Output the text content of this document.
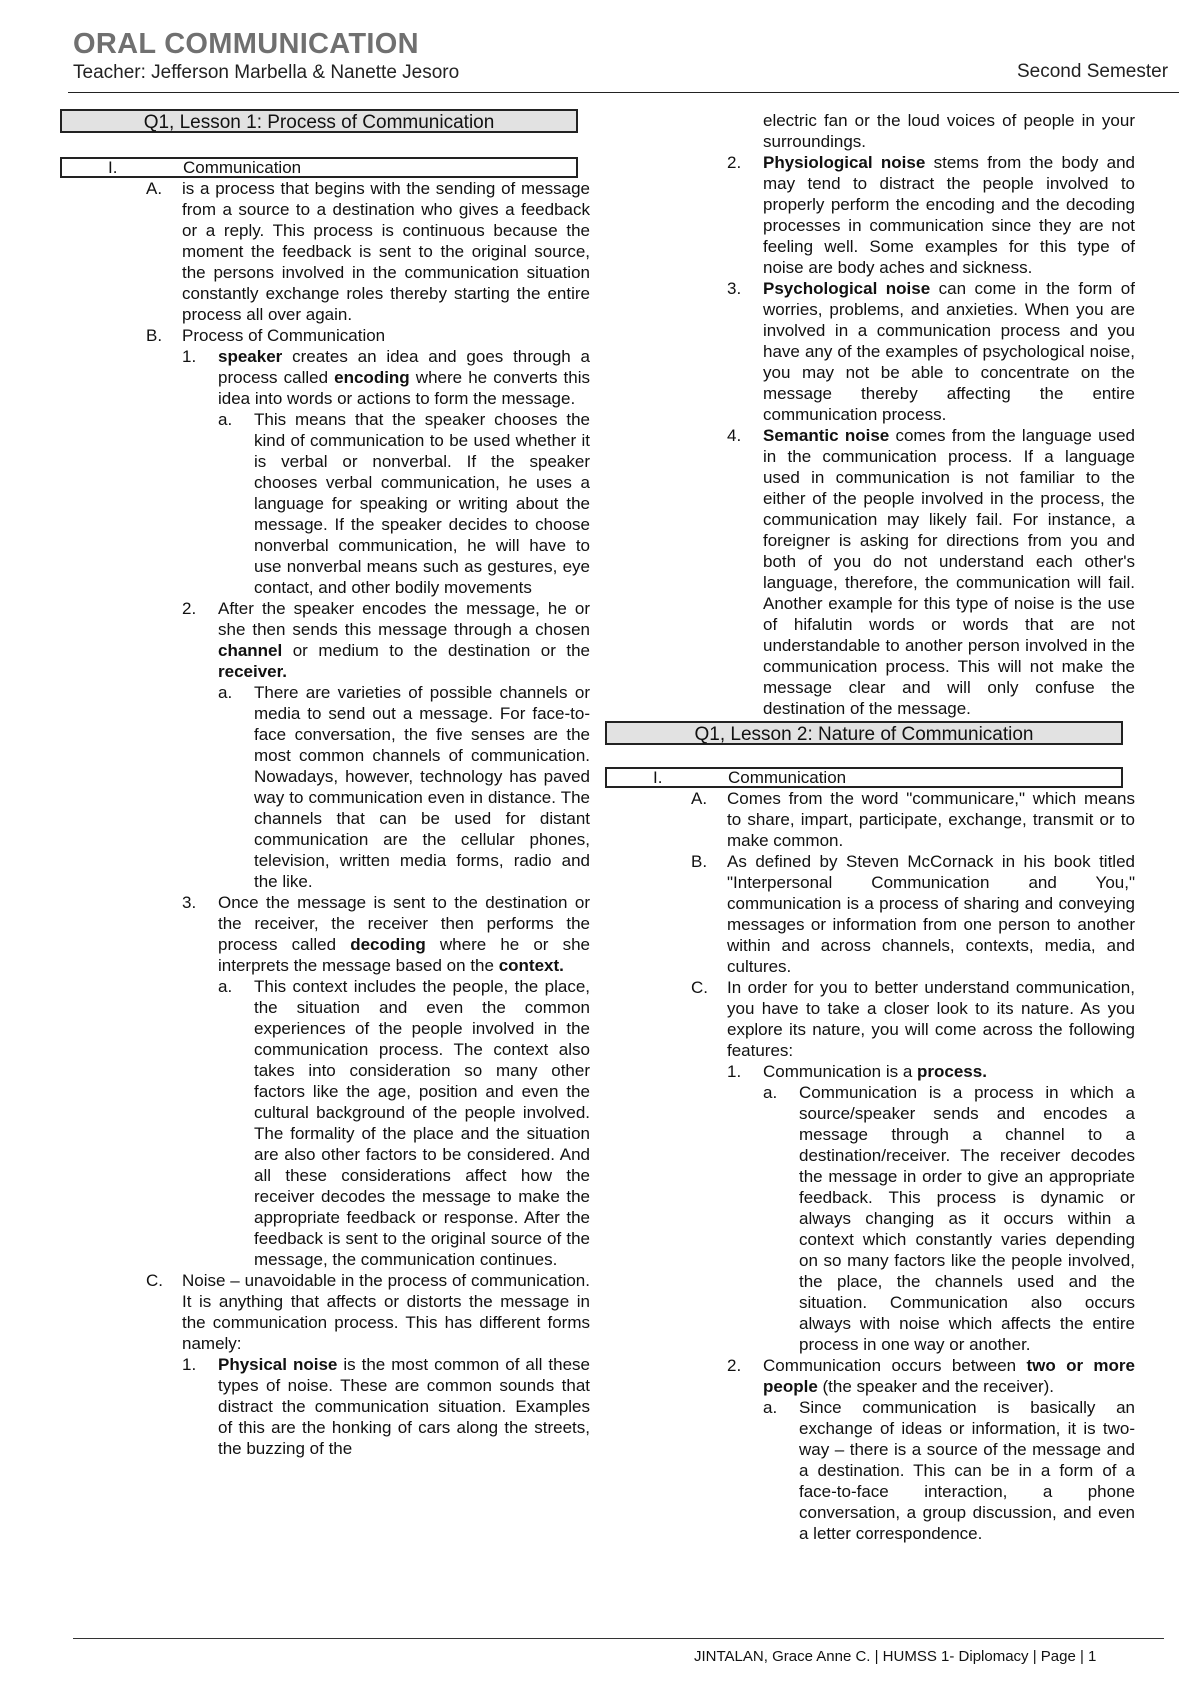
ORAL COMMUNICATION
Teacher: Jefferson Marbella & Nanette Jesoro	Second Semester
Q1, Lesson 1: Process of Communication
I.	Communication
A. is a process that begins with the sending of message from a source to a destination who gives a feedback or a reply. This process is continuous because the moment the feedback is sent to the original source, the persons involved in the communication situation constantly exchange roles thereby starting the entire process all over again.

B. Process of Communication

1. speaker creates an idea and goes through a process called encoding where he converts this idea into words or actions to form the message.

a. This means that the speaker chooses the kind of communication to be used whether it is verbal or nonverbal. If the speaker chooses verbal communication, he uses a language for speaking or writing about the message. If the speaker decides to choose nonverbal communication, he will have to use nonverbal means such as gestures, eye contact, and other bodily movements

2. After the speaker encodes the message, he or she then sends this message through a chosen channel or medium to the destination or the receiver.

a. There are varieties of possible channels or media to send out a message. For face-to-face conversation, the five senses are the most common channels of communication. Nowadays, however, technology has paved way to communication even in distance. The channels that can be used for distant communication are the cellular phones, television, written media forms, radio and the like.

3. Once the message is sent to the destination or the receiver, the receiver then performs the process called decoding where he or she interprets the message based on the context.

a. This context includes the people, the place, the situation and even the common experiences of the people involved in the communication process. The context also takes into consideration so many other factors like the age, position and even the cultural background of the people involved. The formality of the place and the situation are also other factors to be considered. And all these considerations affect how the receiver decodes the message to make the appropriate feedback or response. After the feedback is sent to the original source of the message, the communication continues.

C. Noise – unavoidable in the process of communication. It is anything that affects or distorts the message in the communication process. This has different forms namely:

1. Physical noise is the most common of all these types of noise. These are common sounds that distract the communication situation. Examples of this are the honking of cars along the streets, the buzzing of the

electric fan or the loud voices of people in your surroundings.

2. Physiological noise stems from the body and may tend to distract the people involved to properly perform the encoding and the decoding processes in communication since they are not feeling well. Some examples for this type of noise are body aches and sickness.

3. Psychological noise can come in the form of worries, problems, and anxieties. When you are involved in a communication process and you have any of the examples of psychological noise, you may not be able to concentrate on the message thereby affecting the entire communication process.

4. Semantic noise comes from the language used in the communication process. If a language used in communication is not familiar to the either of the people involved in the process, the communication may likely fail. For instance, a foreigner is asking for directions from you and both of you do not understand each other's language, therefore, the communication will fail. Another example for this type of noise is the use of hifalutin words or words that are not understandable to another person involved in the communication process. This will not make the message clear and will only confuse the destination of the message.

Q1, Lesson 2: Nature of Communication
I.	Communication
A. Comes from the word "communicare," which means to share, impart, participate, exchange, transmit or to make common.

B. As defined by Steven McCornack in his book titled "Interpersonal Communication and You," communication is a process of sharing and conveying messages or information from one person to another within and across channels, contexts, media, and cultures.

C. In order for you to better understand communication, you have to take a closer look to its nature. As you explore its nature, you will come across the following features:

1. Communication is a process.

a. Communication is a process in which a source/speaker sends and encodes a message through a channel to a destination/receiver. The receiver decodes the message in order to give an appropriate feedback. This process is dynamic or always changing as it occurs within a context which constantly varies depending on so many factors like the people involved, the place, the channels used and the situation. Communication also occurs always with noise which affects the entire process in one way or another.

2. Communication occurs between two or more people (the speaker and the receiver).

a. Since communication is basically an exchange of ideas or information, it is two-way – there is a source of the message and a destination. This can be in a form of a face-to-face interaction, a phone conversation, a group discussion, and even a letter correspondence.

JINTALAN, Grace Anne C. | HUMSS 1- Diplomacy | Page | 1
